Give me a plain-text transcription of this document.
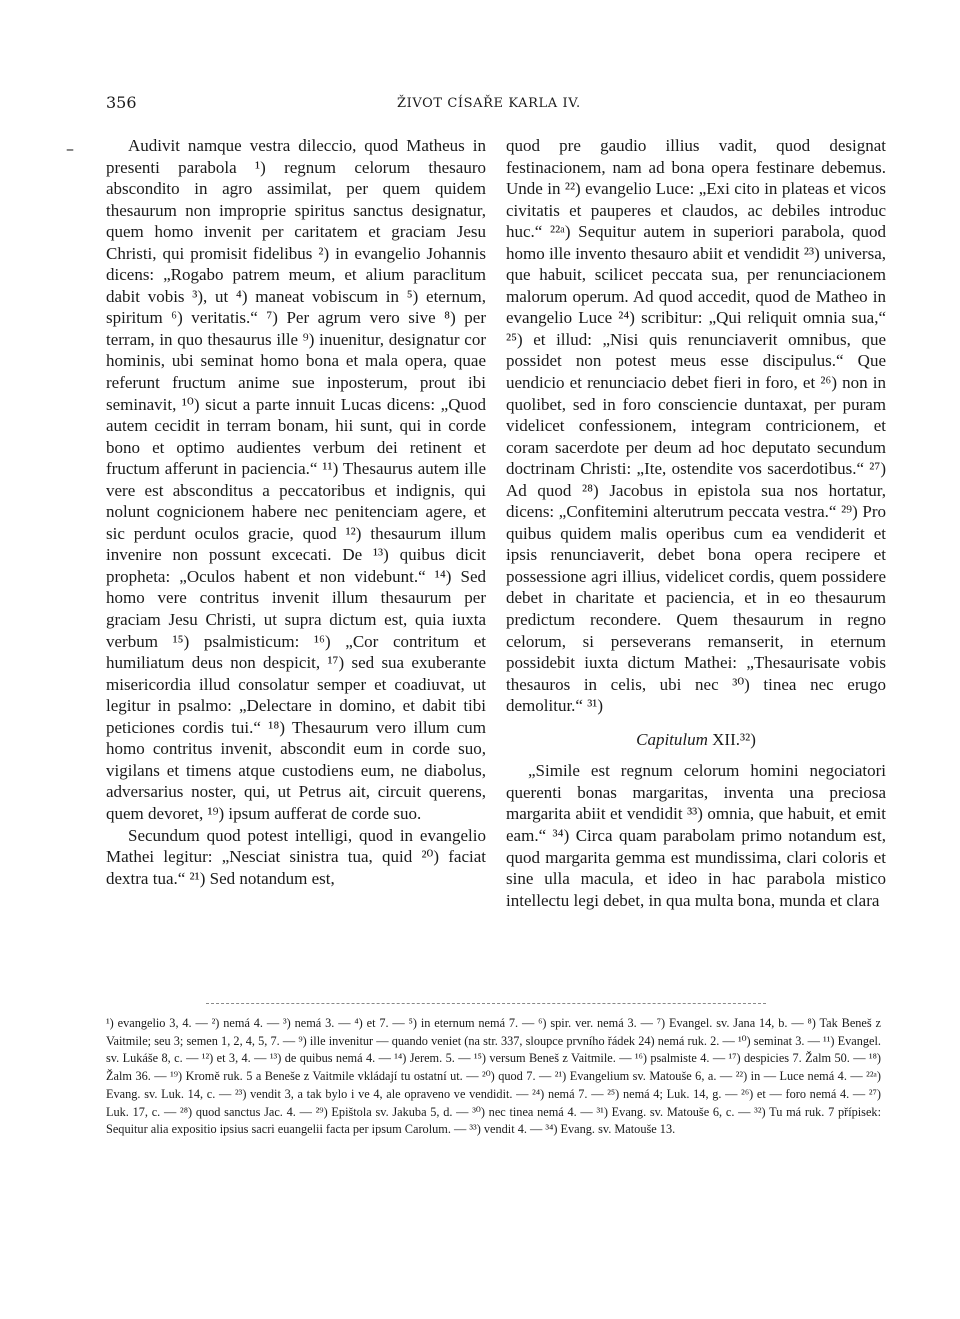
356	ŽIVOT CÍSAŘE KARLA IV.
–	Audivit namque vestra dileccio, quod Matheus in presenti parabola ¹) regnum celorum thesauro abscondito in agro assimilat, per quem quidem thesaurum non improprie spiritus sanctus designatur, quem homo invenit per caritatem et graciam Jesu Christi, qui promisit fidelibus ²) in evangelio Johannis dicens: „Rogabo patrem meum, et alium paraclitum dabit vobis ³), ut ⁴) maneat vobiscum in ⁵) eternum, spiritum ⁶) veritatis.“ ⁷) Per agrum vero sive ⁸) per terram, in quo thesaurus ille ⁹) inuenitur, designatur cor hominis, ubi seminat homo bona et mala opera, quae referunt fructum anime sue inposterum, prout ibi seminavit, ¹⁰) sicut a parte innuit Lucas dicens: „Quod autem cecidit in terram bonam, hii sunt, qui in corde bono et optimo audientes verbum dei retinent et fructum afferunt in paciencia.“ ¹¹) Thesaurus autem ille vere est absconditus a peccatoribus et indignis, qui nolunt cognicionem habere nec penitenciam agere, et sic perdunt oculos gracie, quod ¹²) thesaurum illum invenire non possunt excecati. De ¹³) quibus dicit propheta: „Oculos habent et non videbunt.“ ¹⁴) Sed homo vere contritus invenit illum thesaurum per graciam Jesu Christi, ut supra dictum est, quia iuxta verbum ¹⁵) psalmisticum: ¹⁶) „Cor contritum et humiliatum deus non despicit, ¹⁷) sed sua exuberante misericordia illud consolatur semper et coadiuvat, ut legitur in psalmo: „Delectare in domino, et dabit tibi peticiones cordis tui.“ ¹⁸) Thesaurum vero illum cum homo contritus invenit, abscondit eum in corde suo, vigilans et timens atque custodiens eum, ne diabolus, adversarius noster, qui, ut Petrus ait, circuit querens, quem devoret, ¹⁹) ipsum aufferat de corde suo.

Secundum quod potest intelligi, quod in evangelio Mathei legitur: „Nesciat sinistra tua, quid ²⁰) faciat dextra tua.“ ²¹) Sed notandum est,

quod pre gaudio illius vadit, quod designat festinacionem, nam ad bona opera festinare debemus. Unde in ²²) evangelio Luce: „Exi cito in plateas et vicos civitatis et pauperes et claudos, ac debiles introduc huc.“ ²²ᵃ) Sequitur autem in superiori parabola, quod homo ille invento thesauro abiit et vendidit ²³) universa, que habuit, scilicet peccata sua, per renunciacionem malorum operum. Ad quod accedit, quod de Matheo in evangelio Luce ²⁴) scribitur: „Qui reliquit omnia sua,“ ²⁵) et illud: „Nisi quis renunciaverit omnibus, que possidet non potest meus esse discipulus.“ Que uendicio et renunciacio debet fieri in foro, et ²⁶) non in quolibet, sed in foro consciencie duntaxat, per puram videlicet confessionem, integram contricionem, et coram sacerdote per deum ad hoc deputato secundum doctrinam Christi: „Ite, ostendite vos sacerdotibus.“ ²⁷) Ad quod ²⁸) Jacobus in epistola sua nos hortatur, dicens: „Confitemini alterutrum peccata vestra.“ ²⁹) Pro quibus quidem malis operibus cum ea vendiderit et ipsis renunciaverit, debet bona opera recipere et possessione agri illius, videlicet cordis, quem possidere debet in charitate et paciencia, et in eo thesaurum predictum recondere. Quem thesaurum in regno celorum, si perseverans remanserit, in eternum possidebit iuxta dictum Mathei: „Thesaurisate vobis thesauros in celis, ubi nec ³⁰) tinea nec erugo demolitur.“ ³¹)

Capitulum XII.³²)

„Simile est regnum celorum homini negociatori querenti bonas margaritas, inventa una preciosa margarita abiit et vendidit ³³) omnia, que habuit, et emit eam.“ ³⁴) Circa quam parabolam primo notandum est, quod margarita gemma est mundissima, clari coloris et sine ulla macula, et ideo in hac parabola mistico intellectu legi debet, in qua multa bona, munda et clara

¹) evangelio 3, 4. — ²) nemá 4. — ³) nemá 3. — ⁴) et 7. — ⁵) in eternum nemá 7. — ⁶) spir. ver. nemá 3. — ⁷) Evangel. sv. Jana 14, b. — ⁸) Tak Beneš z Vaitmile; seu 3; semen 1, 2, 4, 5, 7. — ⁹) ille invenitur — quando veniet (na str. 337, sloupce prvního řádek 24) nemá ruk. 2. — ¹⁰) seminat 3. — ¹¹) Evangel. sv. Lukáše 8, c. — ¹²) et 3, 4. — ¹³) de quibus nemá 4. — ¹⁴) Jerem. 5. — ¹⁵) versum Beneš z Vaitmile. — ¹⁶) psalmiste 4. — ¹⁷) despicies 7. Žalm 50. — ¹⁸) Žalm 36. — ¹⁹) Kromě ruk. 5 a Beneše z Vaitmile vkládají tu ostatní ut. — ²⁰) quod 7. — ²¹) Evangelium sv. Matouše 6, a. — ²²) in — Luce nemá 4. — ²²ᵃ) Evang. sv. Luk. 14, c. — ²³) vendit 3, a tak bylo i ve 4, ale opraveno ve vendidit. — ²⁴) nemá 7. — ²⁵) nemá 4; Luk. 14, g. — ²⁶) et — foro nemá 4. — ²⁷) Luk. 17, c. — ²⁸) quod sanctus Jac. 4. — ²⁹) Epištola sv. Jakuba 5, d. — ³⁰) nec tinea nemá 4. — ³¹) Evang. sv. Matouše 6, c. — ³²) Tu má ruk. 7 přípisek: Sequitur alia expositio ipsius sacri euangelii facta per ipsum Carolum. — ³³) vendit 4. — ³⁴) Evang. sv. Matouše 13.
